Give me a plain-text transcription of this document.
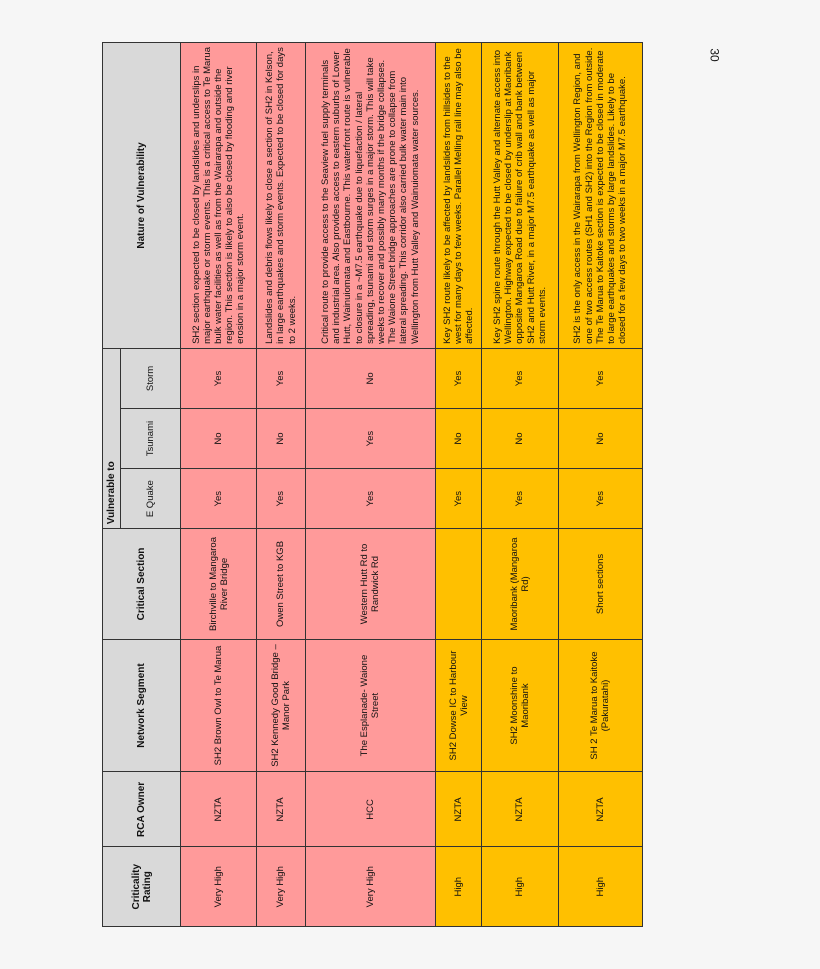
30
Criticality Rating	RCA Owner	Network Segment	Critical Section	Vulnerable to			Nature of Vulnerability
				E Quake	Tsunami	Storm	
Very High	NZTA	SH2 Brown Owl to Te Marua	Birchville to Mangaroa River Bridge	Yes	No	Yes	SH2 section expected to be closed by landslides and underslips in major earthquake or storm events. This is a critical access to Te Marua bulk water facilities as well as from the Wairarapa and outside the region. This section is likely to also be closed by flooding and river erosion in a major storm event.
Very High	NZTA	SH2 Kennedy Good Bridge – Manor Park	Owen Street to KGB	Yes	No	Yes	Landslides and debris flows likely to close a section of SH2 in Kelson, in large earthquakes and storm events. Expected to be closed for days to 2 weeks.
Very High	HCC	The Esplanade- Waione Street	Western Hutt Rd to Randwick Rd	Yes	Yes	No	Critical route to provide access to the Seaview fuel supply terminals and industrial area. Also provides access to eastern suburbs of Lower Hutt, Wainuiomata and Eastbourne. This waterfront route is vulnerable to closure in a ~M7.5 earthquake due to liquefaction / lateral spreading, tsunami and storm surges in a major storm. This will take weeks to recover and possibly many months if the bridge collapses. The Waione Street bridge approaches are prone to collapse from lateral spreading. This corridor also carried bulk water main into Wellington from Hutt Valley and Wainuiomata water sources.
High	NZTA	SH2 Dowse IC to Harbour View		Yes	No	Yes	Key SH2 route likely to be affected by landslides from hillsides to the west for many days to few weeks. Parallel Melling rail line may also be affected.
High	NZTA	SH2 Moonshine to Maoribank	Maoribank (Mangaroa Rd)	Yes	No	Yes	Key SH2 spine route through the Hutt Valley and alternate access into Wellington. Highway expected to be closed by underslip at Maoribank opposite Mangaroa Road due to failure of crib wall and bank between SH2 and Hutt River, in a major M7.5 earthquake as well as major storm events.
High	NZTA	SH 2 Te Marua to Kaitoke (Pakuratahi)	Short sections	Yes	No	Yes	SH2 is the only access in the Wairarapa from Wellington Region, and one of two access routes (SH1 and SH2) into the Region from outside. The Te Marua to Kaitoke section is expected to be closed in moderate to large earthquakes and storms by large landslides. Likely to be closed for a few days to two weeks in a major M7.5 earthquake.
